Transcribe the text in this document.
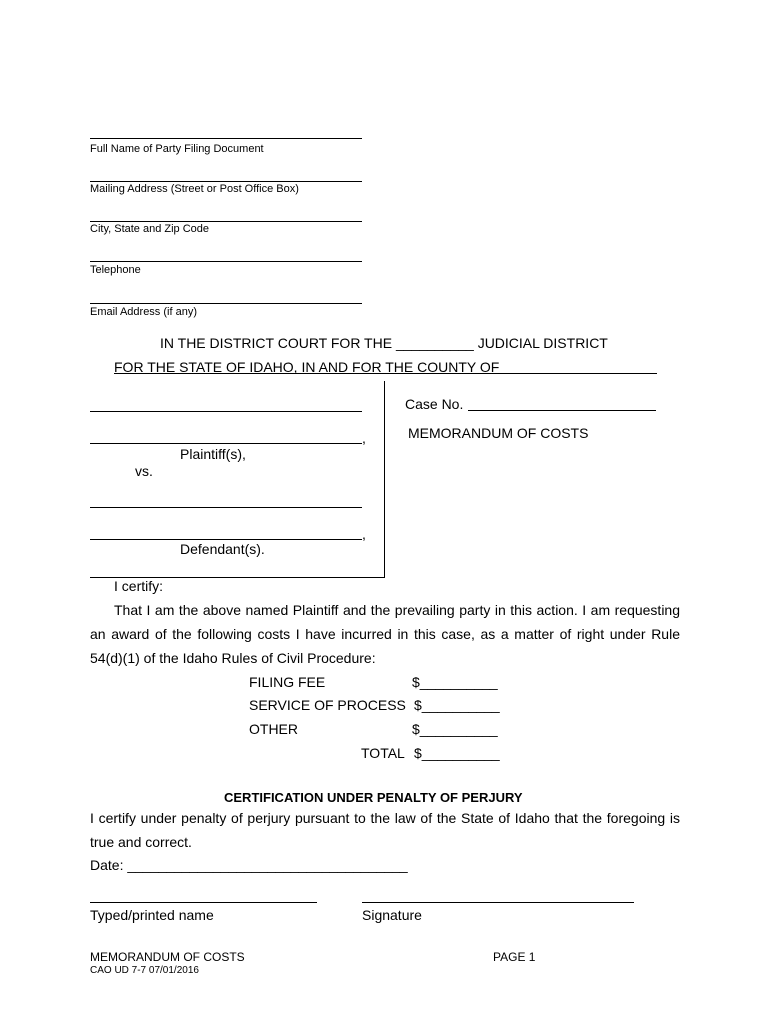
Full Name of Party Filing Document
Mailing Address (Street or Post Office Box)
City, State and Zip Code
Telephone
Email Address (if any)
IN THE DISTRICT COURT FOR THE __________ JUDICIAL DISTRICT
FOR THE STATE OF IDAHO, IN AND FOR THE COUNTY OF
,
Plaintiff(s),
vs.
,
Defendant(s).
Case No.
MEMORANDUM OF COSTS
I certify:
That I am the above named Plaintiff and the prevailing party in this action. I am requesting an award of the following costs I have incurred in this case, as a matter of right under Rule 54(d)(1) of the Idaho Rules of Civil Procedure:
FILING FEE	$__________
SERVICE OF PROCESS $__________
OTHER	$__________
TOTAL $__________
CERTIFICATION UNDER PENALTY OF PERJURY
I certify under penalty of perjury pursuant to the law of the State of Idaho that the foregoing is true and correct.
Date: ____________________________________
Typed/printed name	Signature
MEMORANDUM OF COSTS
CAO UD 7-7 07/01/2016
PAGE 1
